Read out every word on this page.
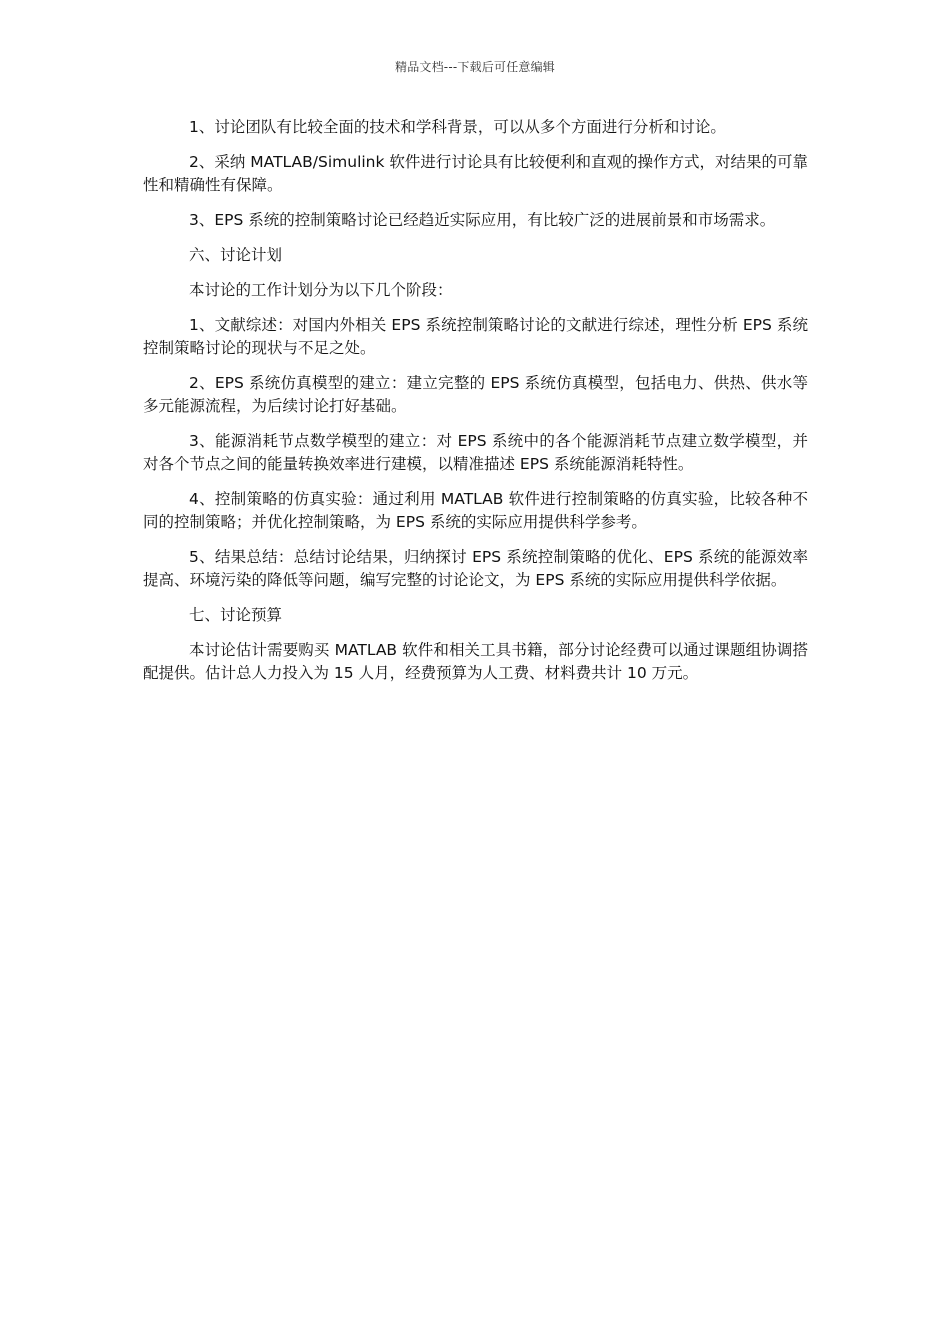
精品文档---下载后可任意编辑

1、讨论团队有比较全面的技术和学科背景，可以从多个方面进行分析和讨论。

2、采纳 MATLAB/Simulink 软件进行讨论具有比较便利和直观的操作方式，对结果的可靠性和精确性有保障。

3、EPS 系统的控制策略讨论已经趋近实际应用，有比较广泛的进展前景和市场需求。

六、讨论计划

本讨论的工作计划分为以下几个阶段：

1、文献综述：对国内外相关 EPS 系统控制策略讨论的文献进行综述，理性分析 EPS 系统控制策略讨论的现状与不足之处。

2、EPS 系统仿真模型的建立：建立完整的 EPS 系统仿真模型，包括电力、供热、供水等多元能源流程，为后续讨论打好基础。

3、能源消耗节点数学模型的建立：对 EPS 系统中的各个能源消耗节点建立数学模型，并对各个节点之间的能量转换效率进行建模，以精准描述 EPS 系统能源消耗特性。

4、控制策略的仿真实验：通过利用 MATLAB 软件进行控制策略的仿真实验，比较各种不同的控制策略；并优化控制策略，为 EPS 系统的实际应用提供科学参考。

5、结果总结：总结讨论结果，归纳探讨 EPS 系统控制策略的优化、EPS 系统的能源效率提高、环境污染的降低等问题，编写完整的讨论论文，为 EPS 系统的实际应用提供科学依据。

七、讨论预算

本讨论估计需要购买 MATLAB 软件和相关工具书籍，部分讨论经费可以通过课题组协调搭配提供。估计总人力投入为 15 人月，经费预算为人工费、材料费共计 10 万元。
